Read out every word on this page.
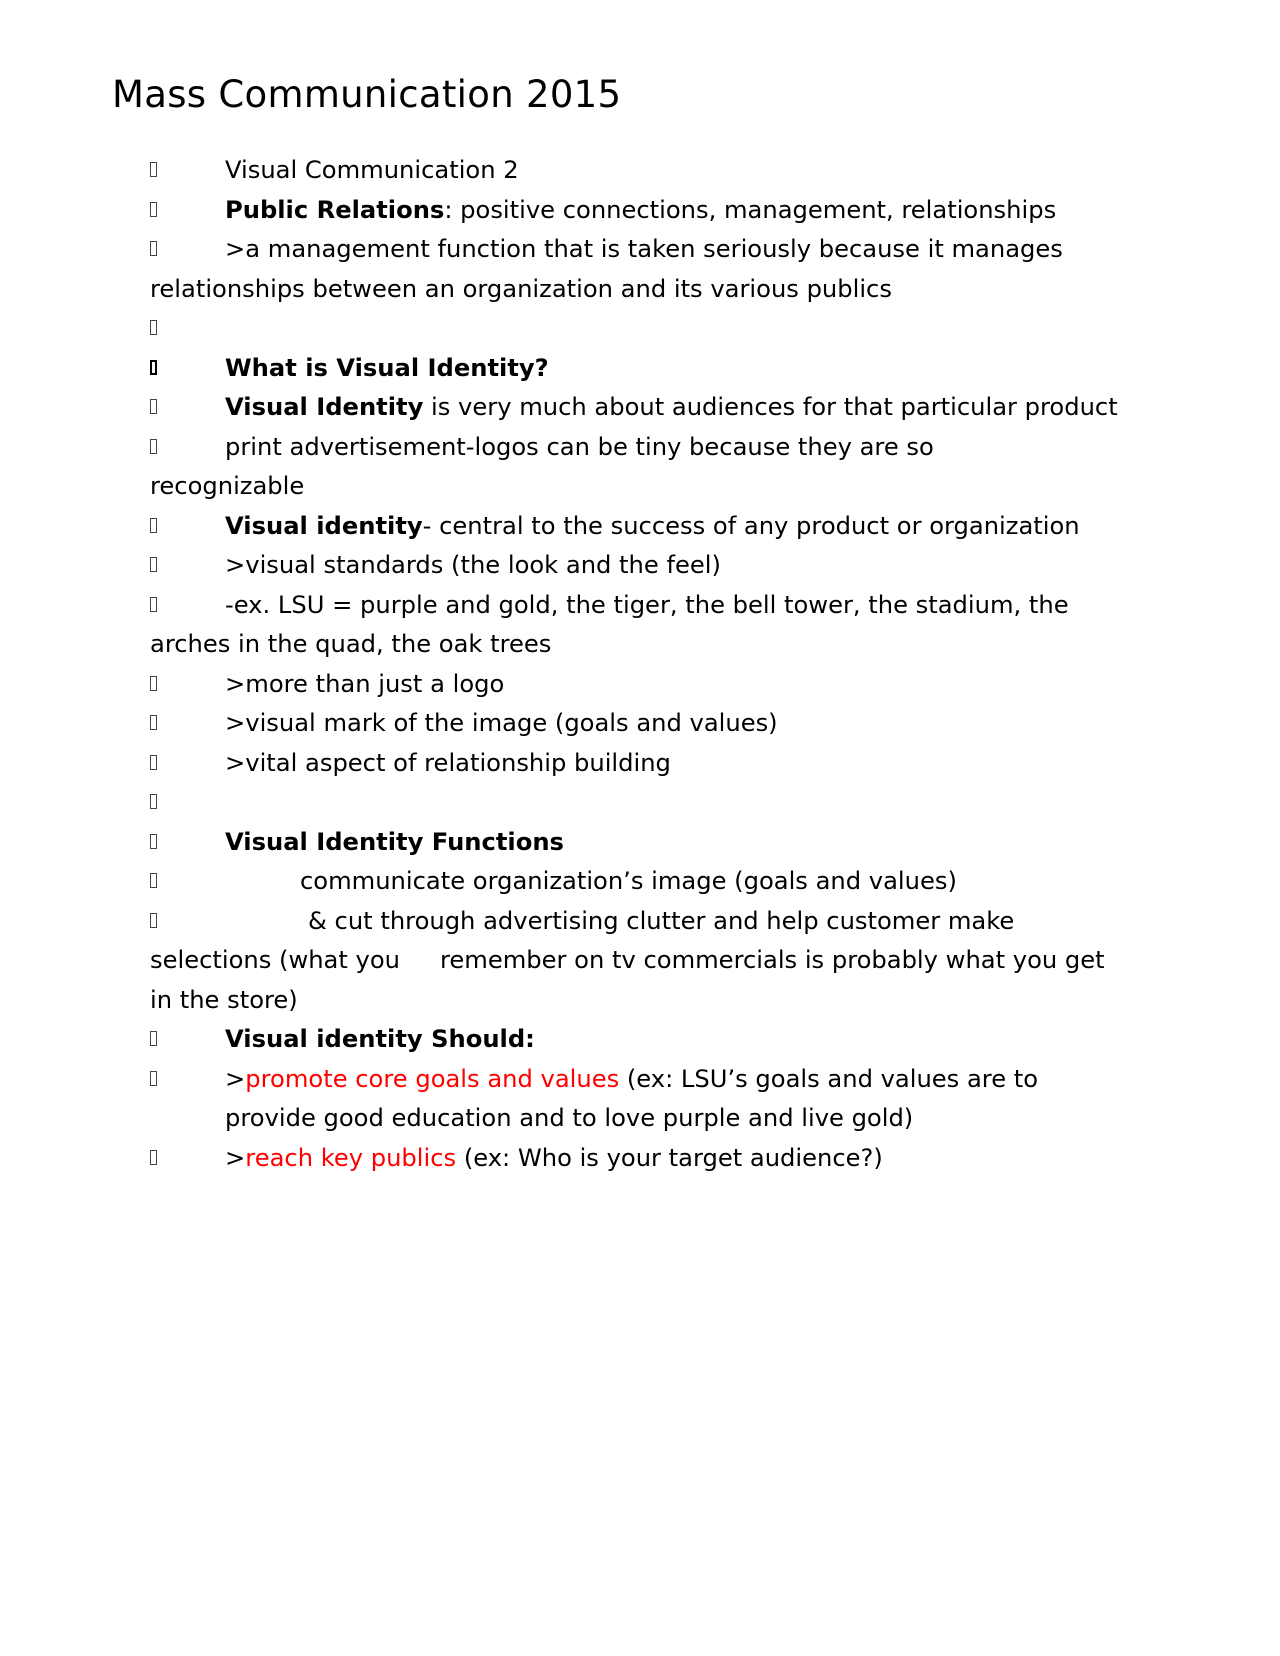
Mass Communication 2015
Visual Communication 2
Public Relations: positive connections, management, relationships
>a management function that is taken seriously because it manages relationships between an organization and its various publics
What is Visual Identity?
Visual Identity is very much about audiences for that particular product
print advertisement-logos can be tiny because they are so recognizable
Visual identity- central to the success of any product or organization
>visual standards (the look and the feel)
-ex. LSU = purple and gold, the tiger, the bell tower, the stadium, the arches in the quad, the oak trees
>more than just a logo
>visual mark of the image (goals and values)
>vital aspect of relationship building
Visual Identity Functions
communicate organization’s image (goals and values)
& cut through advertising clutter and help customer make selections (what you remember on tv commercials is probably what you get in the store)
Visual identity Should:
>promote core goals and values (ex: LSU’s goals and values are to provide good education and to love purple and live gold)
>reach key publics (ex: Who is your target audience?)
